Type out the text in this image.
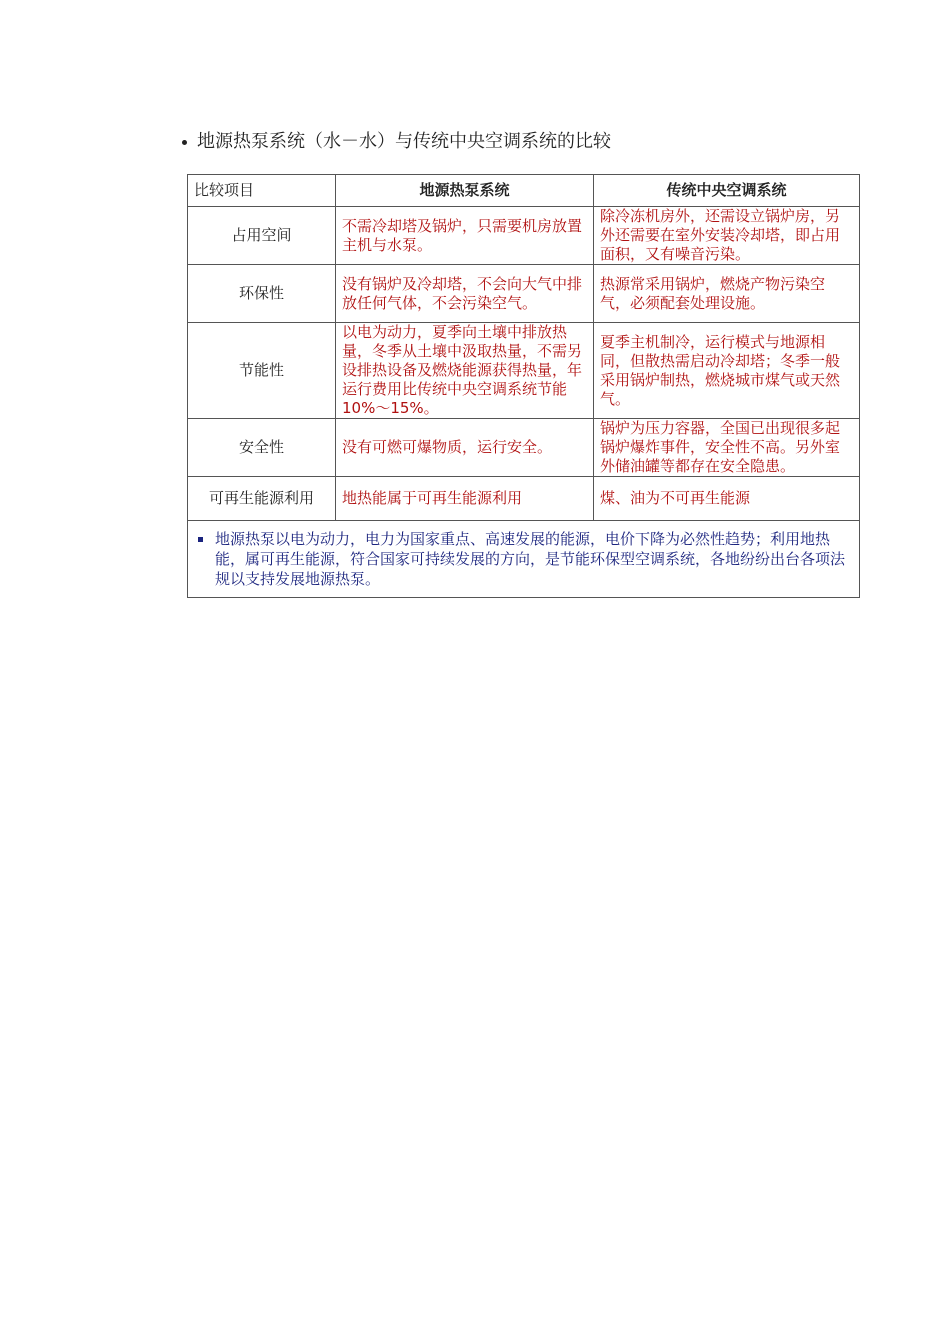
地源热泵系统（水－水）与传统中央空调系统的比较
比较项目	地源热泵系统	传统中央空调系统
占用空间	不需冷却塔及锅炉，只需要机房放置主机与水泵。	除冷冻机房外，还需设立锅炉房，另外还需要在室外安装冷却塔，即占用面积，又有噪音污染。
环保性	没有锅炉及冷却塔，不会向大气中排放任何气体，不会污染空气。	热源常采用锅炉，燃烧产物污染空气，必须配套处理设施。
节能性	以电为动力，夏季向土壤中排放热量，冬季从土壤中汲取热量，不需另设排热设备及燃烧能源获得热量，年运行费用比传统中央空调系统节能10%～15%。	夏季主机制冷，运行模式与地源相同，但散热需启动冷却塔；冬季一般采用锅炉制热，燃烧城市煤气或天然气。
安全性	没有可燃可爆物质，运行安全。	锅炉为压力容器，全国已出现很多起锅炉爆炸事件，安全性不高。另外室外储油罐等都存在安全隐患。
可再生能源利用	地热能属于可再生能源利用	煤、油为不可再生能源

地源热泵以电为动力，电力为国家重点、高速发展的能源，电价下降为必然性趋势；利用地热能，属可再生能源，符合国家可持续发展的方向，是节能环保型空调系统，各地纷纷出台各项法规以支持发展地源热泵。		
